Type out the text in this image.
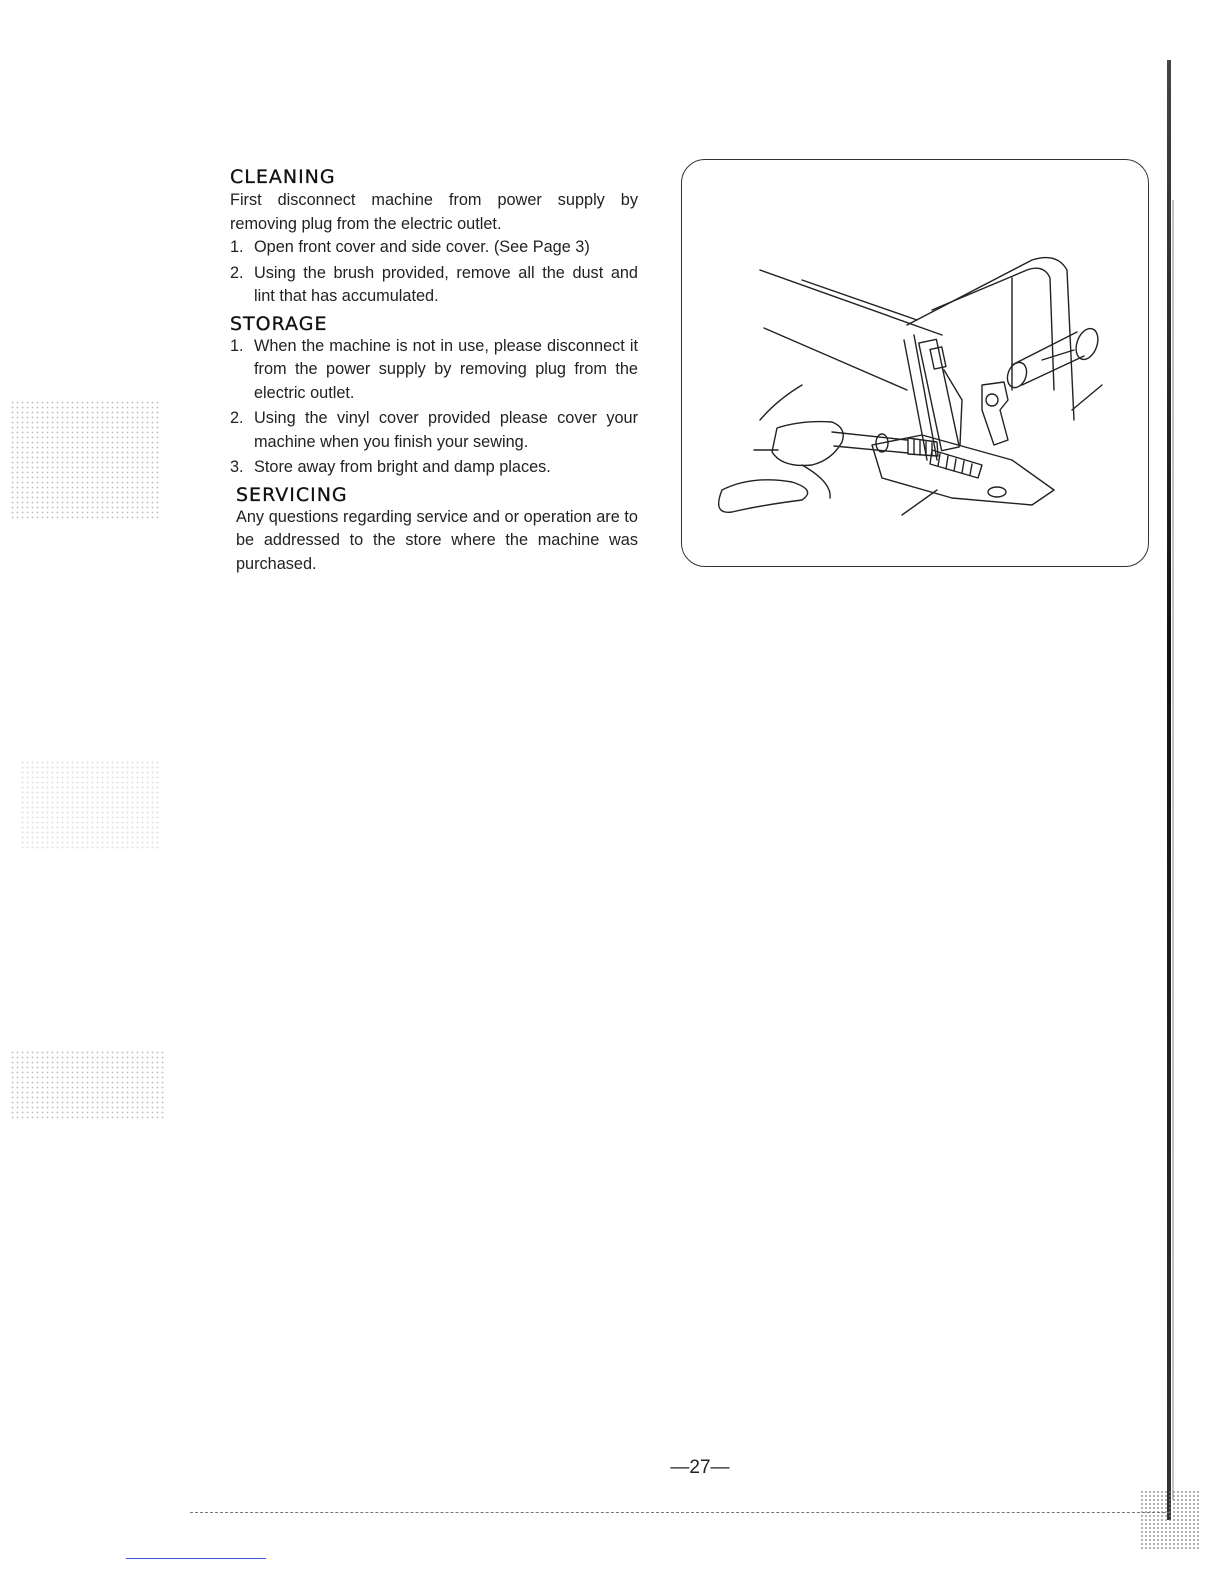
CLEANING

First disconnect machine from power supply by removing plug from the electric outlet.

1. Open front cover and side cover. (See Page 3)
2. Using the brush provided, remove all the dust and lint that has accumulated.
STORAGE
1. When the machine is not in use, please disconnect it from the power supply by removing plug from the electric outlet.
2. Using the vinyl cover provided please cover your machine when you finish your sewing.
3. Store away from bright and damp places.
SERVICING

Any questions regarding service and or operation are to be addressed to the store where the machine was purchased.

—27—
